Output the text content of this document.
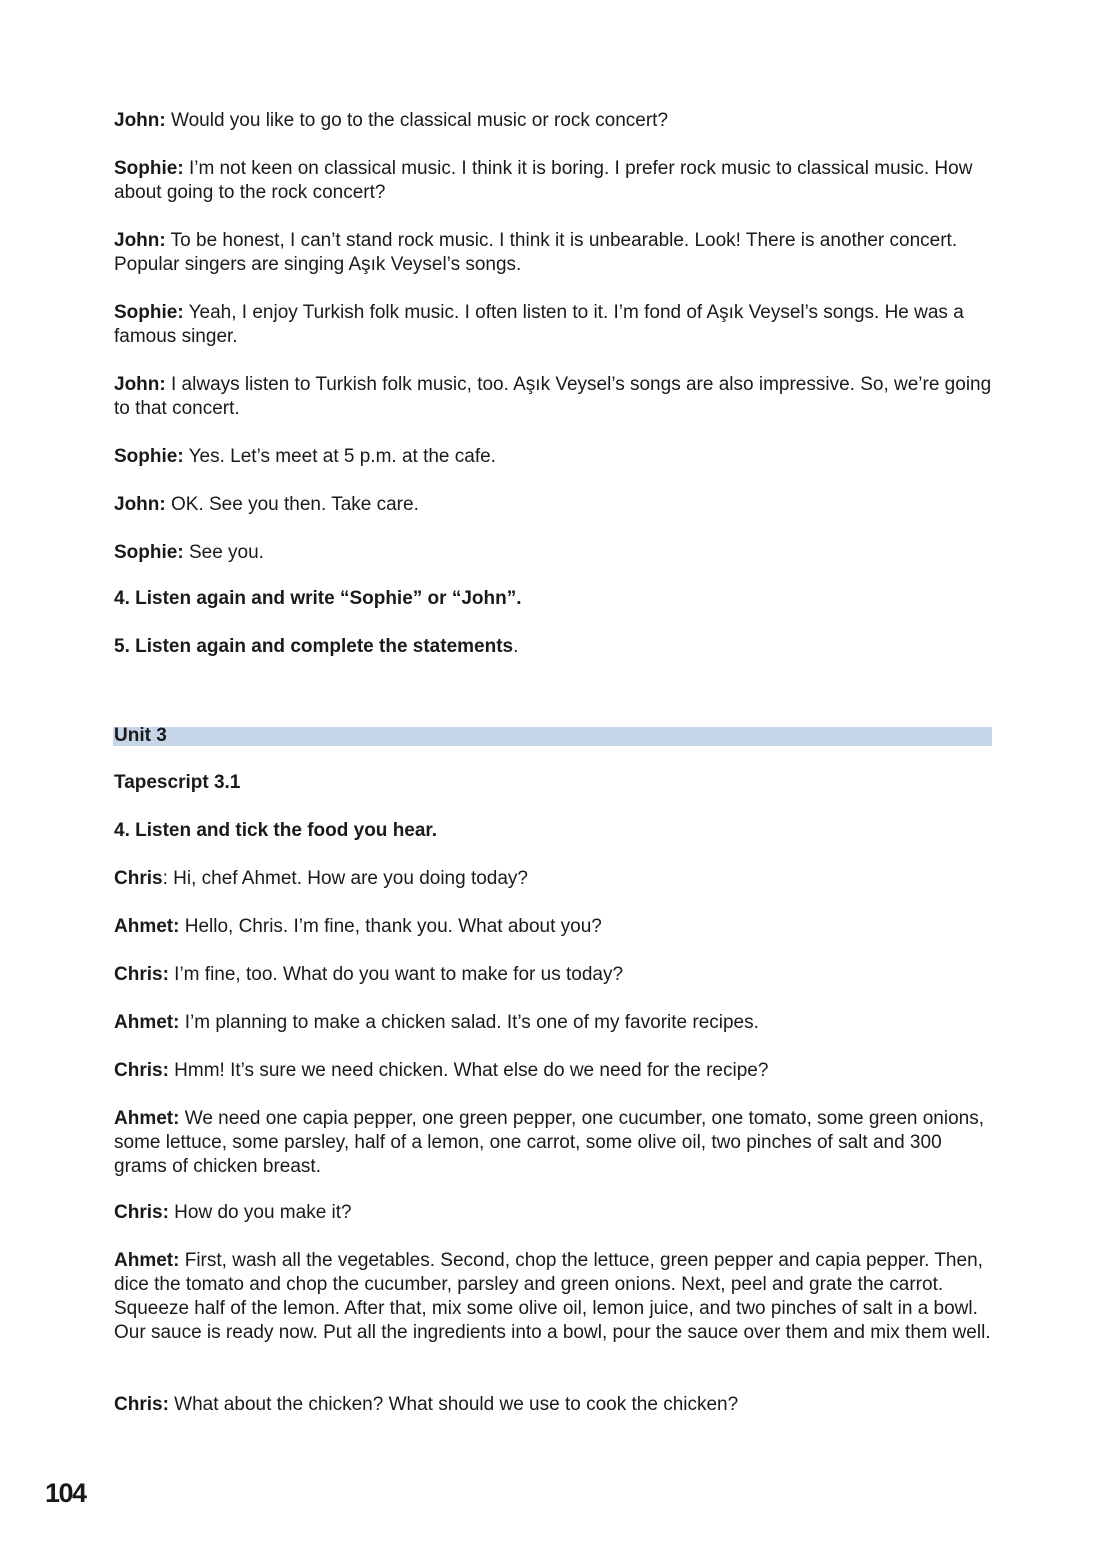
John: Would you like to go to the classical music or rock concert?

Sophie: I’m not keen on classical music. I think it is boring. I prefer rock music to classical music. How about going to the rock concert?

John: To be honest, I can’t stand rock music. I think it is unbearable. Look! There is another concert. Popular singers are singing Aşık Veysel’s songs.

Sophie: Yeah, I enjoy Turkish folk music. I often listen to it. I’m fond of Aşık Veysel’s songs. He was a famous singer.

John: I always listen to Turkish folk music, too. Aşık Veysel’s songs are also impressive. So, we’re going to that concert.

Sophie: Yes. Let’s meet at 5 p.m. at the cafe.

John: OK. See you then. Take care.

Sophie: See you.

4. Listen again and write “Sophie” or “John”.

5. Listen again and complete the statements.

Unit 3

Tapescript 3.1

4. Listen and tick the food you hear.

Chris: Hi, chef Ahmet. How are you doing today?

Ahmet: Hello, Chris. I’m fine, thank you. What about you?

Chris: I’m fine, too. What do you want to make for us today?

Ahmet: I’m planning to make a chicken salad. It’s one of my favorite recipes.

Chris: Hmm! It’s sure we need chicken. What else do we need for the recipe?

Ahmet: We need one capia pepper, one green pepper, one cucumber, one tomato, some green onions, some lettuce, some parsley, half of a lemon, one carrot, some olive oil, two pinches of salt and 300 grams of chicken breast.

Chris: How do you make it?

Ahmet: First, wash all the vegetables. Second, chop the lettuce, green pepper and capia pepper. Then, dice the tomato and chop the cucumber, parsley and green onions. Next, peel and grate the carrot. Squeeze half of the lemon. After that, mix some olive oil, lemon juice, and two pinches of salt in a bowl. Our sauce is ready now. Put all the ingredients into a bowl, pour the sauce over them and mix them well.

Chris: What about the chicken? What should we use to cook the chicken?

104
